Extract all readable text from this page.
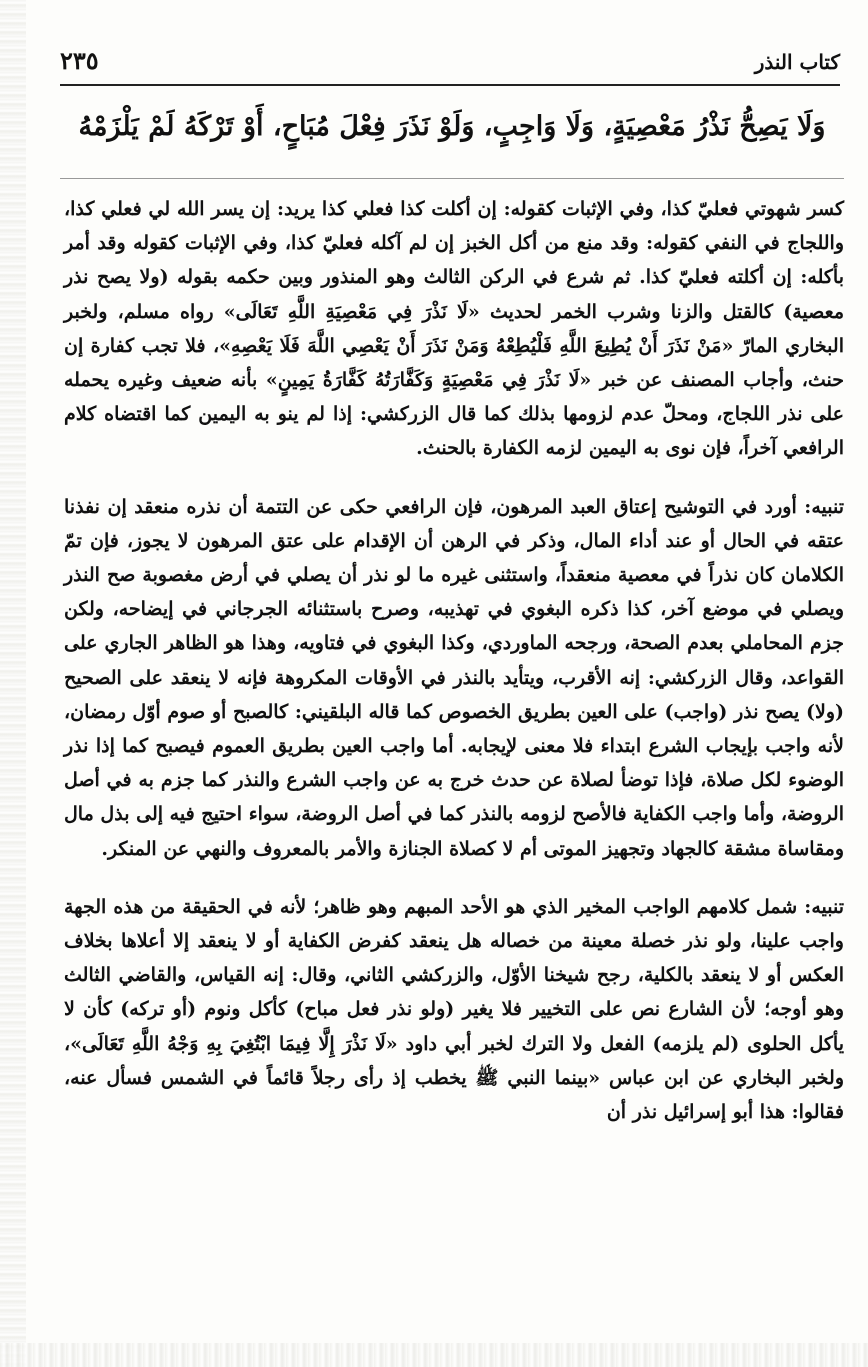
كتاب النذر
٢٣٥
وَلَا يَصِحُّ نَذْرُ مَعْصِيَةٍ، وَلَا وَاجِبٍ، وَلَوْ نَذَرَ فِعْلَ مُبَاحٍ، أَوْ تَرْكَهُ لَمْ يَلْزَمْهُ

كسر شهوتي فعليّ كذا، وفي الإثبات كقوله: إن أكلت كذا فعلي كذا يريد: إن يسر الله لي فعلي كذا، واللجاج في النفي كقوله: وقد منع من أكل الخبز إن لم آكله فعليّ كذا، وفي الإثبات كقوله وقد أمر بأكله: إن أكلته فعليّ كذا. ثم شرع في الركن الثالث وهو المنذور وبين حكمه بقوله (ولا يصح نذر معصية) كالقتل والزنا وشرب الخمر لحديث «لَا نَذْرَ فِي مَعْصِيَةِ اللَّهِ تَعَالَى» رواه مسلم، ولخبر البخاري المارّ «مَنْ نَذَرَ أَنْ يُطِيعَ اللَّهِ فَلْيُطِعْهُ وَمَنْ نَذَرَ أَنْ يَعْصِي اللَّهَ فَلَا يَعْصِهِ»، فلا تجب كفارة إن حنث، وأجاب المصنف عن خبر «لَا نَذْرَ فِي مَعْصِيَةٍ وَكَفَّارَتُهُ كَفَّارَةُ يَمِينٍ» بأنه ضعيف وغيره يحمله على نذر اللجاج، ومحلّ عدم لزومها بذلك كما قال الزركشي: إذا لم ينو به اليمين كما اقتضاه كلام الرافعي آخراً، فإن نوى به اليمين لزمه الكفارة بالحنث.

تنبيه: أورد في التوشيح إعتاق العبد المرهون، فإن الرافعي حكى عن التتمة أن نذره منعقد إن نفذنا عتقه في الحال أو عند أداء المال، وذكر في الرهن أن الإقدام على عتق المرهون لا يجوز، فإن تمّ الكلامان كان نذراً في معصية منعقداً، واستثنى غيره ما لو نذر أن يصلي في أرض مغصوبة صح النذر ويصلي في موضع آخر، كذا ذكره البغوي في تهذيبه، وصرح باستثنائه الجرجاني في إيضاحه، ولكن جزم المحاملي بعدم الصحة، ورجحه الماوردي، وكذا البغوي في فتاويه، وهذا هو الظاهر الجاري على القواعد، وقال الزركشي: إنه الأقرب، ويتأيد بالنذر في الأوقات المكروهة فإنه لا ينعقد على الصحيح (ولا) يصح نذر (واجب) على العين بطريق الخصوص كما قاله البلقيني: كالصبح أو صوم أوّل رمضان، لأنه واجب بإيجاب الشرع ابتداء فلا معنى لإيجابه. أما واجب العين بطريق العموم فيصبح كما إذا نذر الوضوء لكل صلاة، فإذا توضأ لصلاة عن حدث خرج به عن واجب الشرع والنذر كما جزم به في أصل الروضة، وأما واجب الكفاية فالأصح لزومه بالنذر كما في أصل الروضة، سواء احتيج فيه إلى بذل مال ومقاساة مشقة كالجهاد وتجهيز الموتى أم لا كصلاة الجنازة والأمر بالمعروف والنهي عن المنكر.

تنبيه: شمل كلامهم الواجب المخير الذي هو الأحد المبهم وهو ظاهر؛ لأنه في الحقيقة من هذه الجهة واجب علينا، ولو نذر خصلة معينة من خصاله هل ينعقد كفرض الكفاية أو لا ينعقد إلا أعلاها بخلاف العكس أو لا ينعقد بالكلية، رجح شيخنا الأوّل، والزركشي الثاني، وقال: إنه القياس، والقاضي الثالث وهو أوجه؛ لأن الشارع نص على التخيير فلا يغير (ولو نذر فعل مباح) كأكل ونوم (أو تركه) كأن لا يأكل الحلوى (لم يلزمه) الفعل ولا الترك لخبر أبي داود «لَا نَذْرَ إِلَّا فِيمَا ابْتُغِيَ بِهِ وَجْهُ اللَّهِ تَعَالَى»، ولخبر البخاري عن ابن عباس «بينما النبي ﷺ يخطب إذ رأى رجلاً قائماً في الشمس فسأل عنه، فقالوا: هذا أبو إسرائيل نذر أن
